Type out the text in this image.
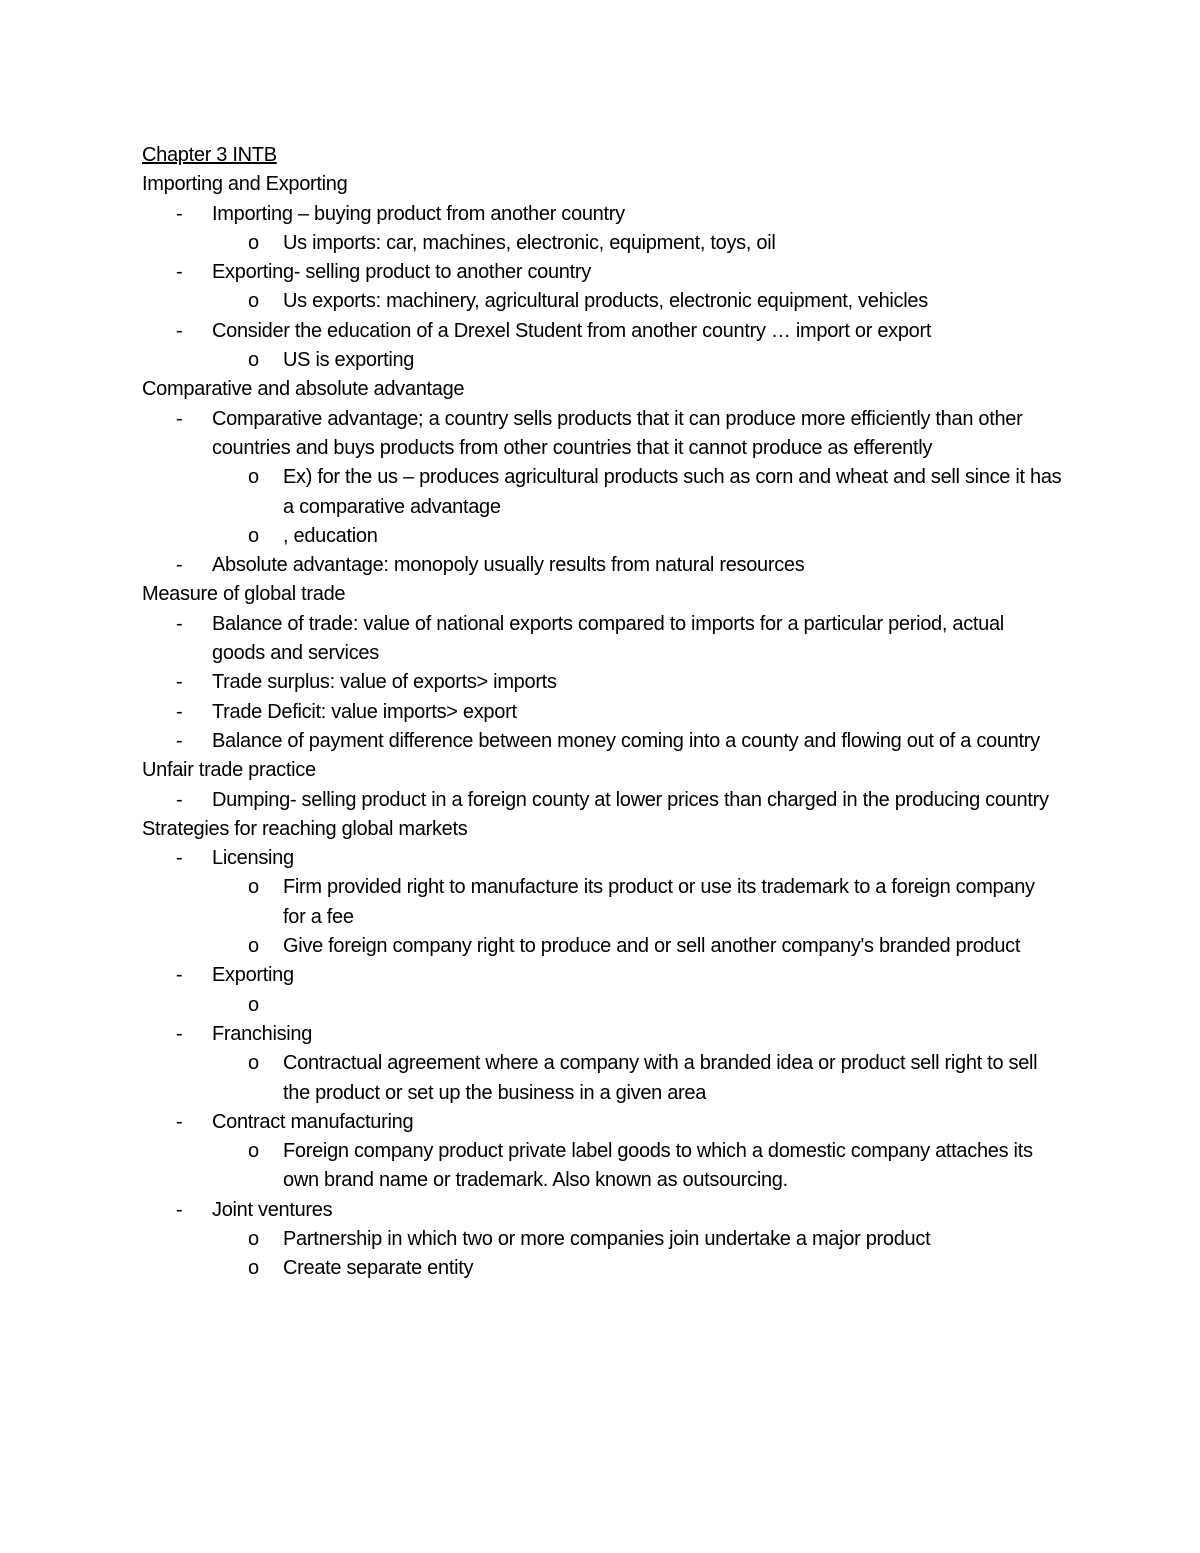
Chapter 3 INTB
Importing and Exporting
- Importing – buying product from another country
o Us imports: car, machines, electronic, equipment, toys, oil
- Exporting- selling product to another country
o Us exports: machinery, agricultural products, electronic equipment, vehicles
- Consider the education of a Drexel Student from another country … import or export
o US is exporting
Comparative and absolute advantage
- Comparative advantage; a country sells products that it can produce more efficiently than other countries and buys products from other countries that it cannot produce as efferently
o Ex) for the us – produces agricultural products such as corn and wheat and sell since it has a comparative advantage
o , education
- Absolute advantage: monopoly usually results from natural resources
Measure of global trade
- Balance of trade: value of national exports compared to imports for a particular period, actual goods and services
- Trade surplus: value of exports> imports
- Trade Deficit: value imports> export
- Balance of payment difference between money coming into a county and flowing out of a country
Unfair trade practice
- Dumping- selling product in a foreign county at lower prices than charged in the producing country
Strategies for reaching global markets
- Licensing
o Firm provided right to manufacture its product or use its trademark to a foreign company for a fee
o Give foreign company right to produce and or sell another company's branded product
- Exporting
o
- Franchising
o Contractual agreement where a company with a branded idea or product sell right to sell the product or set up the business in a given area
- Contract manufacturing
o Foreign company product private label goods to which a domestic company attaches its own brand name or trademark. Also known as outsourcing.
- Joint ventures
o Partnership in which two or more companies join undertake a major product
o Create separate entity
